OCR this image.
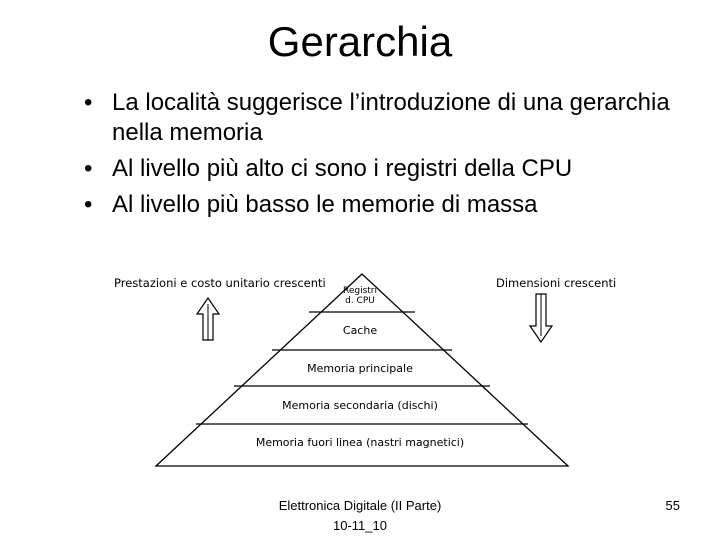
Gerarchia
• La località suggerisce l’introduzione di una gerarchia nella memoria
• Al livello più alto ci sono i registri della CPU
• Al livello più basso le memorie di massa
Prestazioni e costo unitario crescenti	Dimensioni crescenti
Registri
d. CPU
Cache
Memoria principale
Memoria secondaria (dischi)
Memoria fuori linea (nastri magnetici)
Elettronica Digitale (II Parte)
10-11_10
55
